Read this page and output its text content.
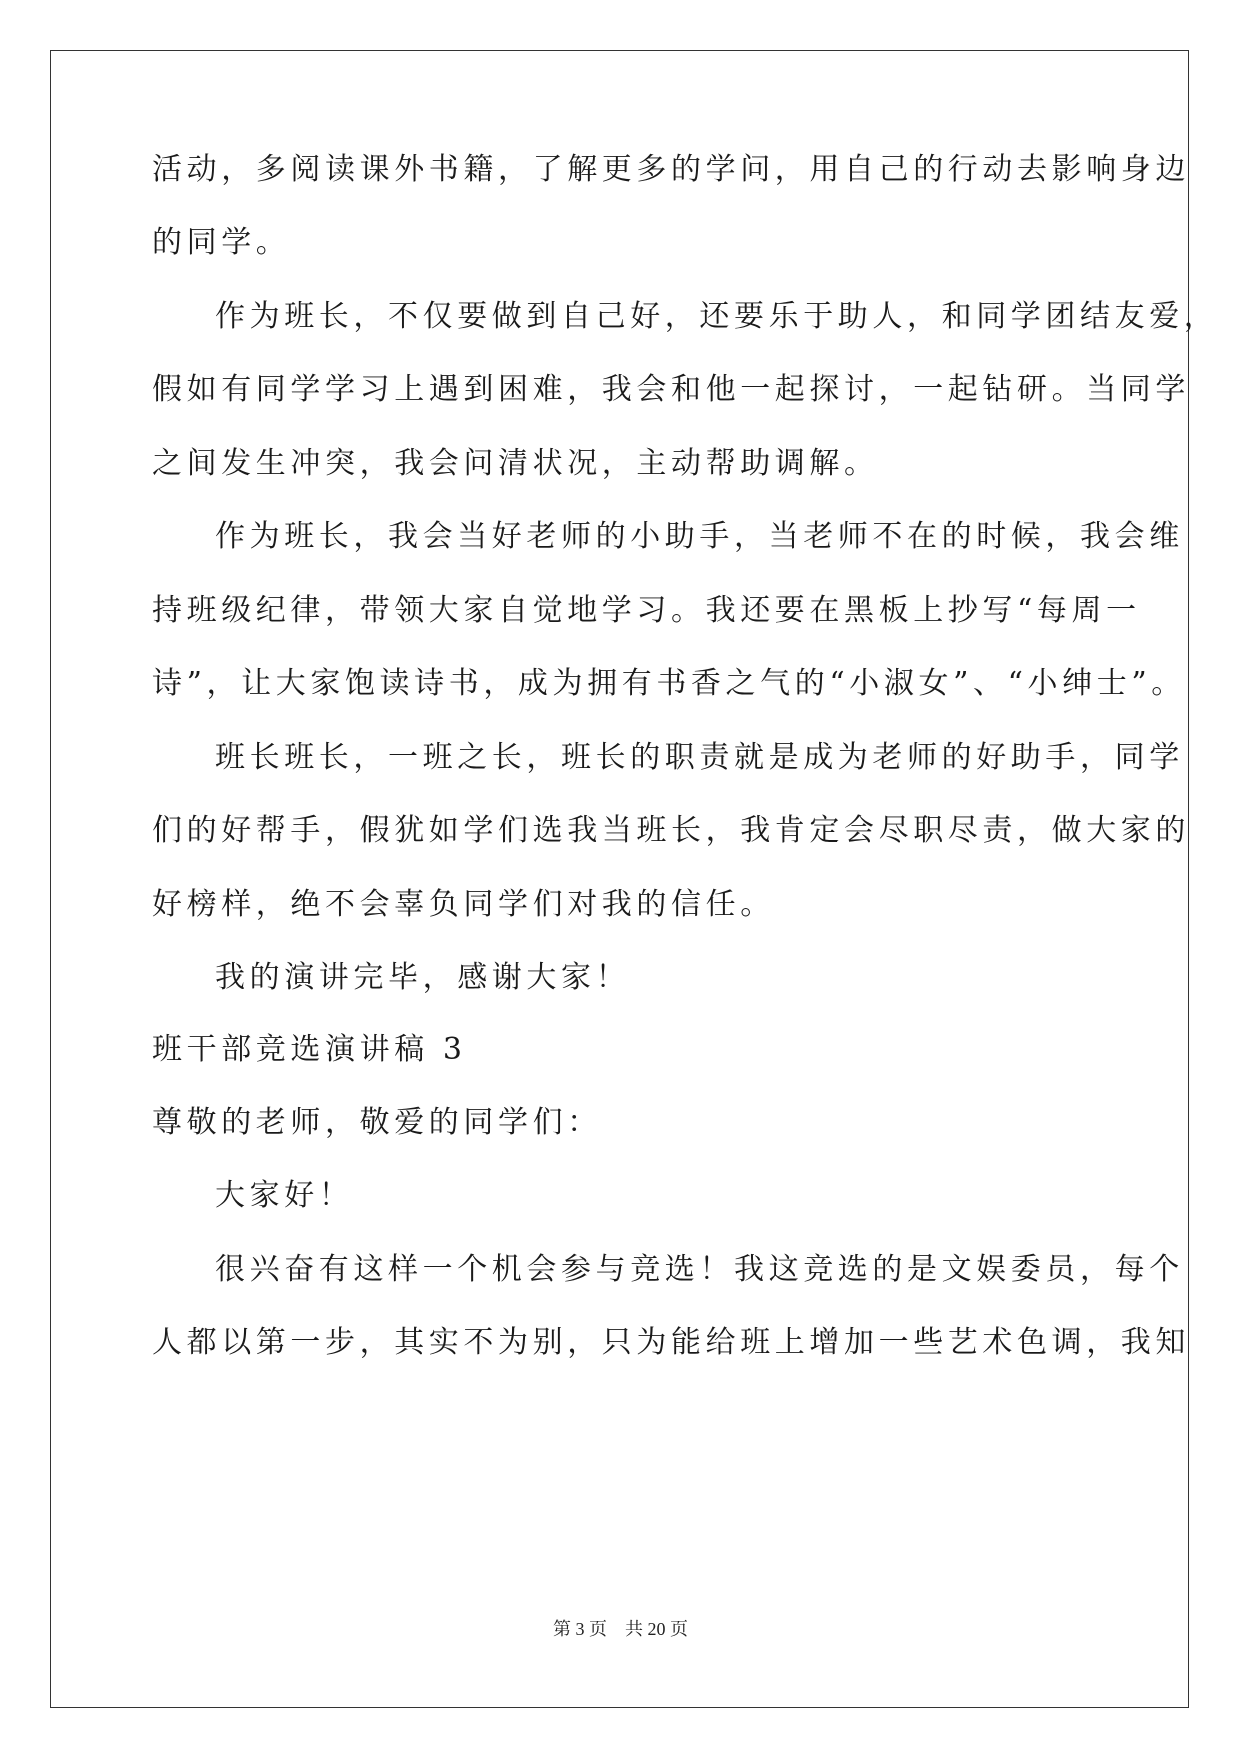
活动，多阅读课外书籍，了解更多的学问，用自己的行动去影响身边
的同学。
作为班长，不仅要做到自己好，还要乐于助人，和同学团结友爱，
假如有同学学习上遇到困难，我会和他一起探讨，一起钻研。当同学
之间发生冲突，我会问清状况，主动帮助调解。
作为班长，我会当好老师的小助手，当老师不在的时候，我会维
持班级纪律，带领大家自觉地学习。我还要在黑板上抄写“每周一
诗”，让大家饱读诗书，成为拥有书香之气的“小淑女”、“小绅士”。
班长班长，一班之长，班长的职责就是成为老师的好助手，同学
们的好帮手，假犹如学们选我当班长，我肯定会尽职尽责，做大家的
好榜样，绝不会辜负同学们对我的信任。
我的演讲完毕，感谢大家！
班干部竞选演讲稿 3
尊敬的老师，敬爱的同学们：
大家好！
很兴奋有这样一个机会参与竞选！我这竞选的是文娱委员，每个
人都以第一步，其实不为别，只为能给班上增加一些艺术色调，我知
第 3 页　共 20 页
